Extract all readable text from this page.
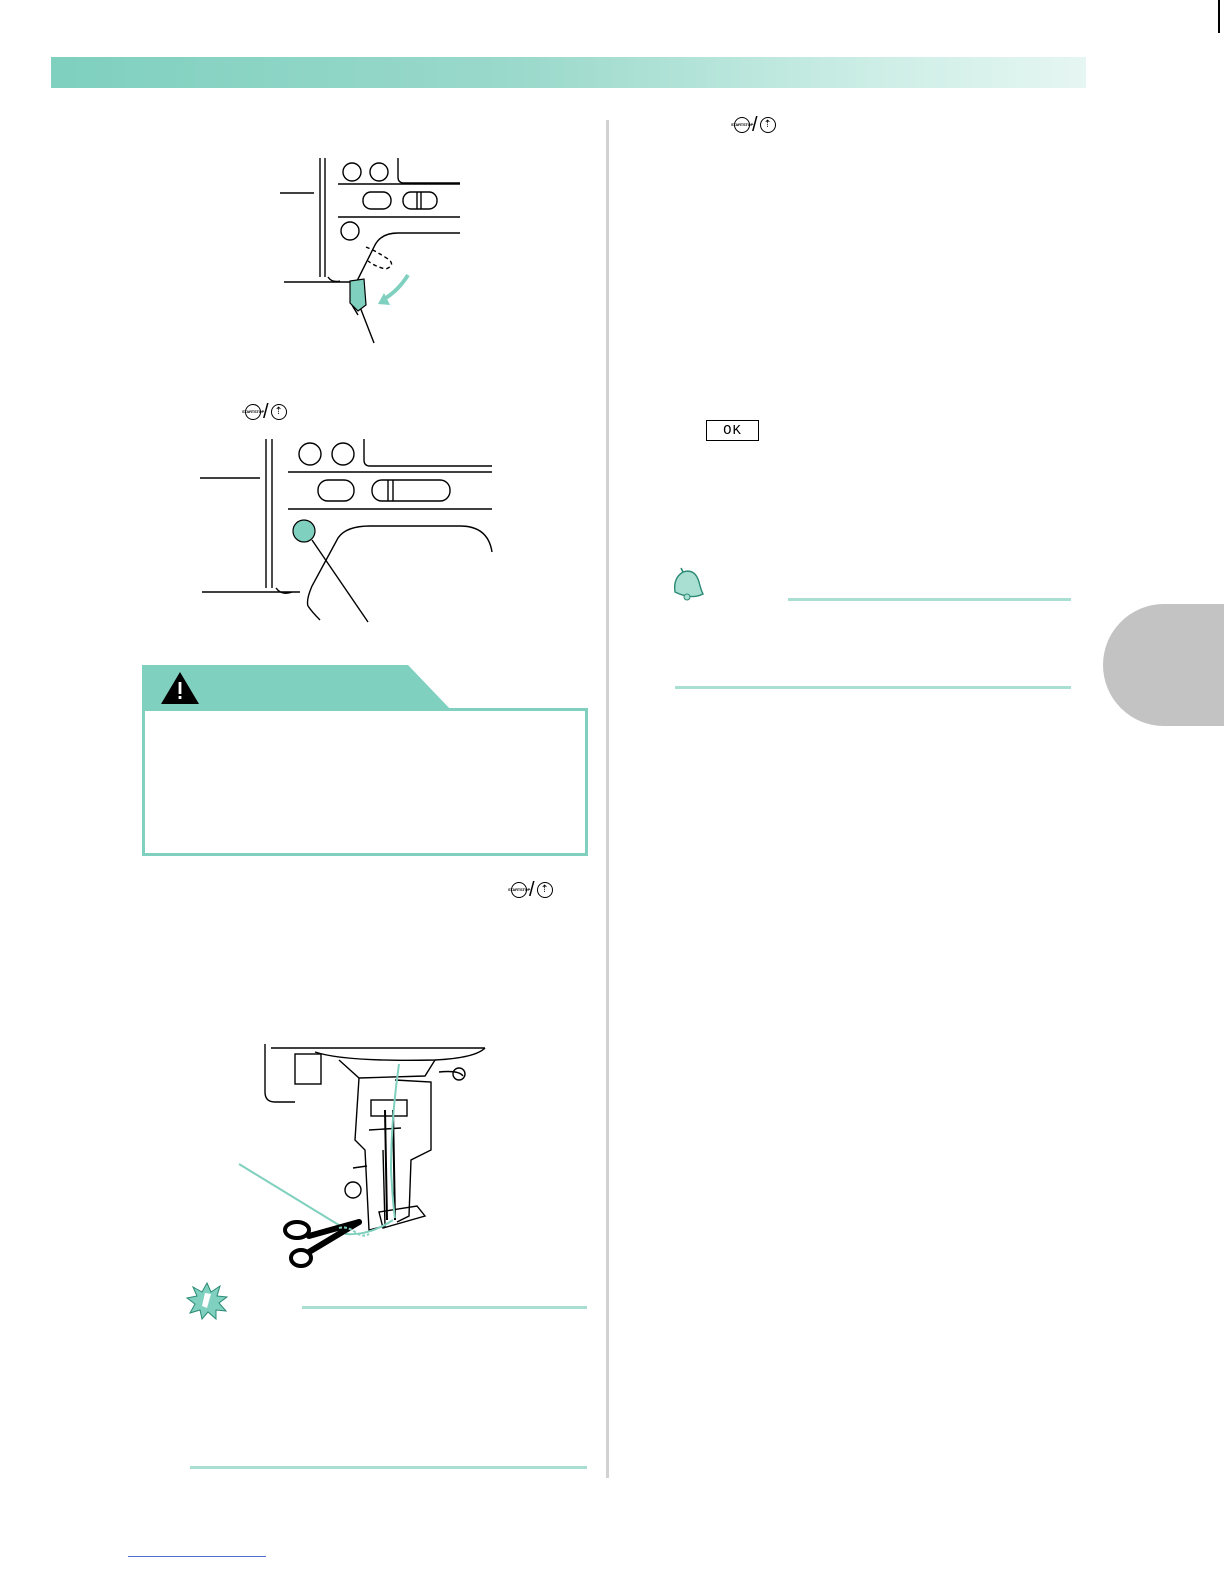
START STOP
/ ⇡
START STOP
/ ⇡
START STOP
/ ⇡
OK
